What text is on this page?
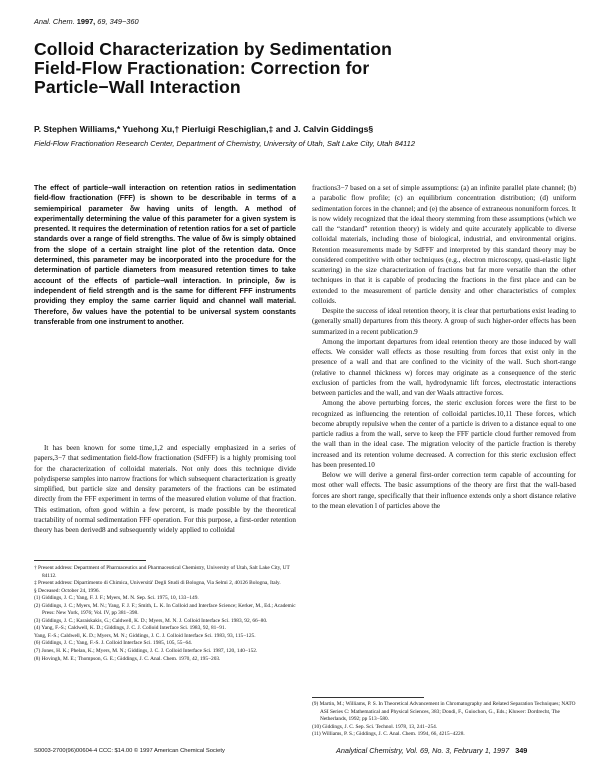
Anal. Chem. 1997, 69, 349−360
Colloid Characterization by Sedimentation
Field-Flow Fractionation: Correction for
Particle−Wall Interaction
P. Stephen Williams,* Yuehong Xu,† Pierluigi Reschiglian,‡ and J. Calvin Giddings§
Field-Flow Fractionation Research Center, Department of Chemistry, University of Utah, Salt Lake City, Utah 84112

The effect of particle−wall interaction on retention ratios in sedimentation field-flow fractionation (FFF) is shown to be describable in terms of a semiempirical parameter δw having units of length. A method of experimentally determining the value of this parameter for a given system is presented. It requires the determination of retention ratios for a set of particle standards over a range of field strengths. The value of δw is simply obtained from the slope of a certain straight line plot of the retention data. Once determined, this parameter may be incorporated into the procedure for the determination of particle diameters from measured retention times to take account of the effects of particle−wall interaction. In principle, δw is independent of field strength and is the same for different FFF instruments providing they employ the same carrier liquid and channel wall material. Therefore, δw values have the potential to be universal system constants transferable from one instrument to another.

It has been known for some time,1,2 and especially emphasized in a series of papers,3−7 that sedimentation field-flow fractionation (SdFFF) is a highly promising tool for the characterization of colloidal materials. Not only does this technique divide polydisperse samples into narrow fractions for which subsequent characterization is greatly simplified, but particle size and density parameters of the fractions can be estimated directly from the FFF experiment in terms of the measured elution volume of that fraction. This estimation, often good within a few percent, is made possible by the theoretical tractability of normal sedimentation FFF operation. For this purpose, a first-order retention theory has been derived8 and subsequently widely applied to colloidal

† Present address: Department of Pharmaceutics and Pharmaceutical Chemistry, University of Utah, Salt Lake City, UT 84112.
‡ Present address: Dipartimento di Chimica, Università' Degli Studi di Bologna, Via Selmi 2, 40126 Bologna, Italy.
§ Deceased: October 24, 1996.
(1) Giddings, J. C.; Yang, F. J. F.; Myers, M. N. Sep. Sci. 1975, 10, 133−149.
(2) Giddings, J. C.; Myers, M. N.; Yang, F. J. F.; Smith, L. K. In Colloid and Interface Science; Kerker, M., Ed.; Academic Press: New York, 1976; Vol. IV, pp 381−398.
(3) Giddings, J. C.; Karaiskakis, G.; Caldwell, K. D.; Myers, M. N. J. Colloid Interface Sci. 1983, 92, 66−80.
(4) Yang, F.-S.; Caldwell, K. D.; Giddings, J. C. J. Colloid Interface Sci. 1983, 92, 81−91.
Yang, F.-S.; Caldwell, K. D.; Myers, M. N.; Giddings, J. C. J. Colloid Interface Sci. 1983, 93, 115−125.
(6) Giddings, J. C.; Yang, F.-S. J. Colloid Interface Sci. 1985, 105, 55−64.
(7) Jones, H. K.; Phelan, K.; Myers, M. N.; Giddings, J. C. J. Colloid Interface Sci. 1987, 120, 140−152.
(8) Hovingh, M. E.; Thompson, G. E.; Giddings, J. C. Anal. Chem. 1970, 42, 195−203.

fractions3−7 based on a set of simple assumptions: (a) an infinite parallel plate channel; (b) a parabolic flow profile; (c) an equilibrium concentration distribution; (d) uniform sedimentation forces in the channel; and (e) the absence of extraneous nonuniform forces. It is now widely recognized that the ideal theory stemming from these assumptions (which we call the “standard” retention theory) is widely and quite accurately applicable to diverse colloidal materials, including those of biological, industrial, and environmental origins. Retention measurements made by SdFFF and interpreted by this standard theory may be considered competitive with other techniques (e.g., electron microscopy, quasi-elastic light scattering) in the size characterization of fractions but far more versatile than the other techniques in that it is capable of producing the fractions in the first place and can be extended to the measurement of particle density and other characteristics of complex colloids.

Despite the success of ideal retention theory, it is clear that perturbations exist leading to (generally small) departures from this theory. A group of such higher-order effects has been summarized in a recent publication.9

Among the important departures from ideal retention theory are those induced by wall effects. We consider wall effects as those resulting from forces that exist only in the presence of a wall and that are confined to the vicinity of the wall. Such short-range (relative to channel thickness w) forces may originate as a consequence of the steric exclusion of particles from the wall, hydrodynamic lift forces, electrostatic interactions between particles and the wall, and van der Waals attractive forces.

Among the above perturbing forces, the steric exclusion forces were the first to be recognized as influencing the retention of colloidal particles.10,11 These forces, which become abruptly repulsive when the center of a particle is driven to a distance equal to one particle radius a from the wall, serve to keep the FFF particle cloud further removed from the wall than in the ideal case. The migration velocity of the particle fraction is thereby increased and its retention volume decreased. A correction for this steric exclusion effect has been presented.10

Below we will derive a general first-order correction term capable of accounting for most other wall effects. The basic assumptions of the theory are first that the wall-based forces are short range, specifically that their influence extends only a short distance relative to the mean elevation l of particles above the

(9) Martin, M.; Williams, P. S. In Theoretical Advancement in Chromatography and Related Separation Techniques; NATO ASI Series C: Mathematical and Physical Sciences, 383; Dondi, F., Guiochon, G., Eds.; Kluwer: Dordrecht, The Netherlands, 1992; pp 513−580.
(10) Giddings, J. C. Sep. Sci. Technol. 1978, 13, 241−254.
(11) Williams, P. S.; Giddings, J. C. Anal. Chem. 1994, 66, 4215−4228.
S0003-2700(96)00604-4 CCC: $14.00 © 1997 American Chemical Society	Analytical Chemistry, Vol. 69, No. 3, February 1, 1997 349
